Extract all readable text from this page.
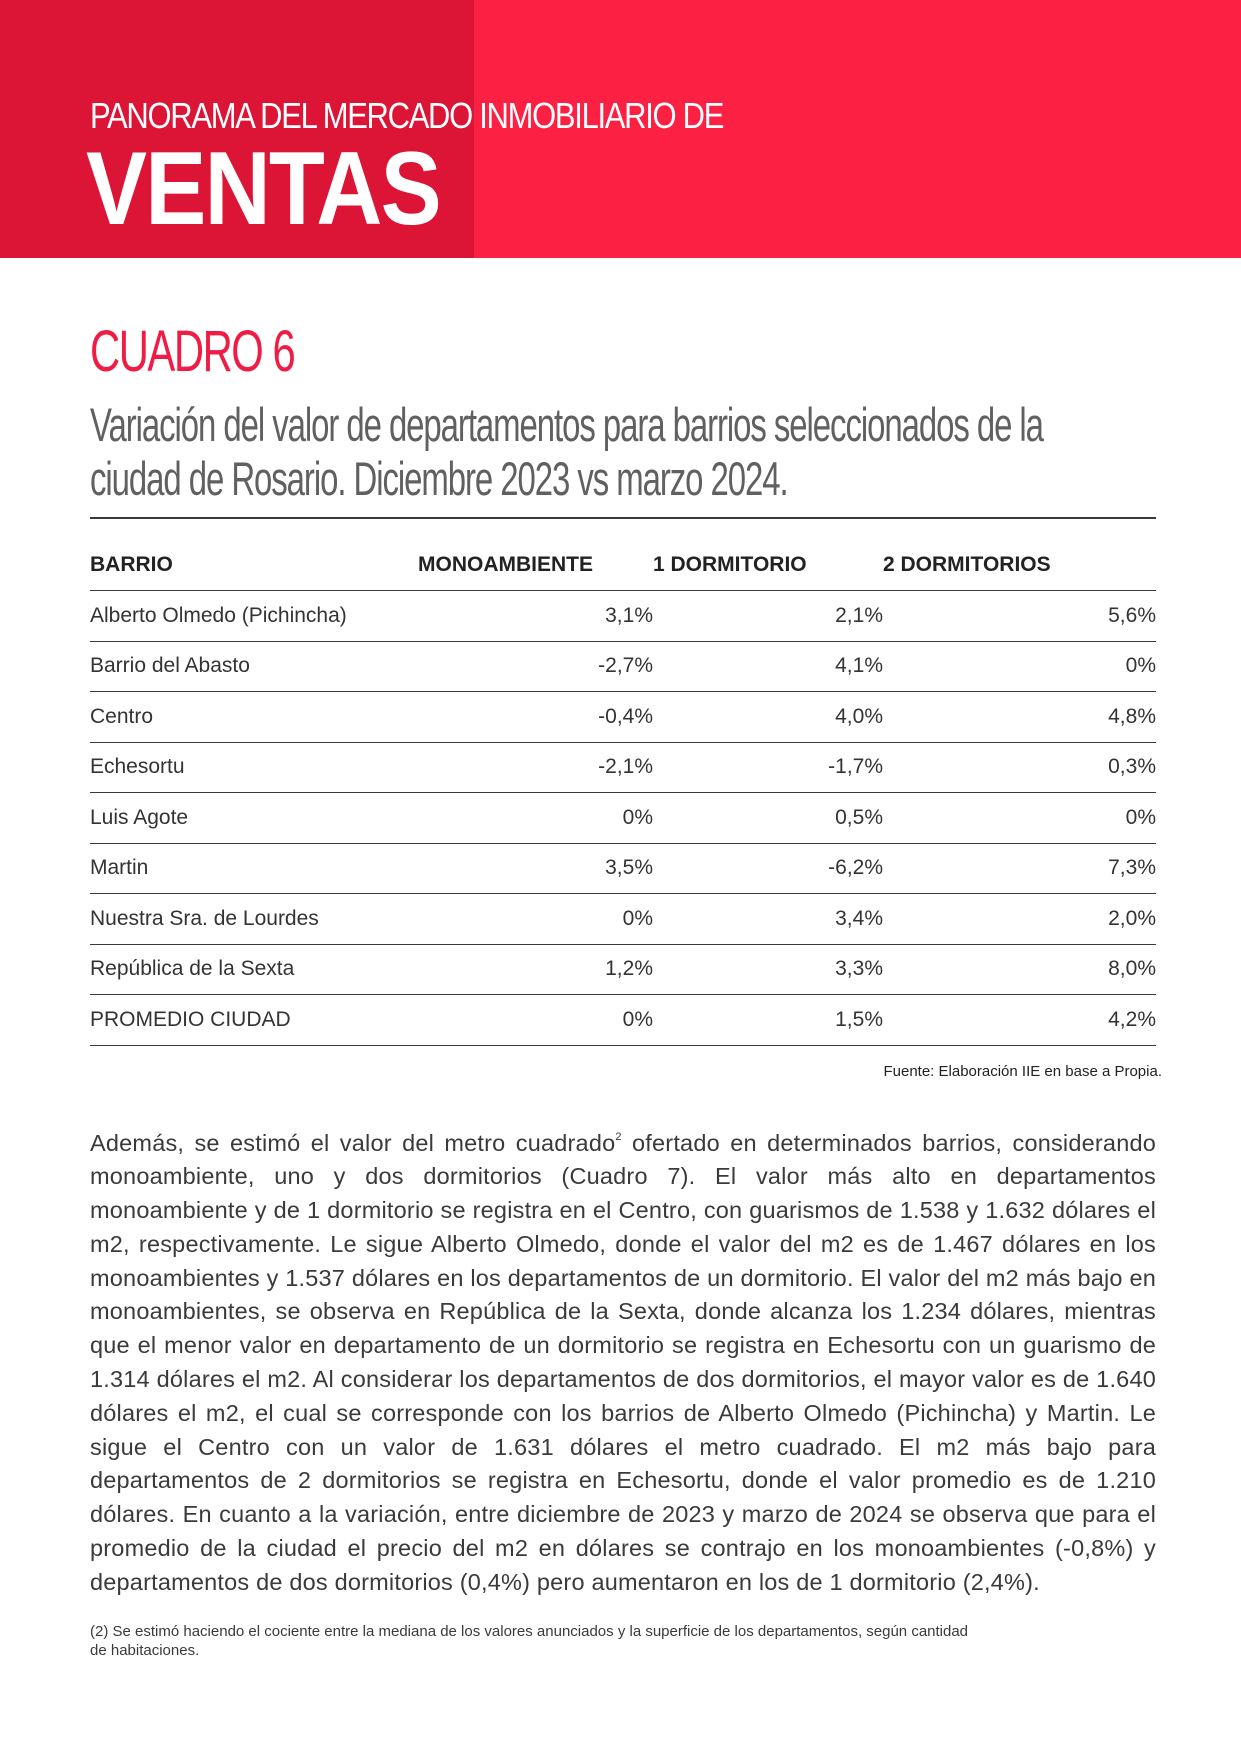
PANORAMA DEL MERCADO INMOBILIARIO DE
VENTAS
CUADRO 6
Variación del valor de departamentos para barrios seleccionados de la ciudad de Rosario. Diciembre 2023 vs marzo 2024.
BARRIO	MONOAMBIENTE	1 DORMITORIO	2 DORMITORIOS
Alberto Olmedo (Pichincha)	3,1%	2,1%	5,6%
Barrio del Abasto	-2,7%	4,1%	0%
Centro	-0,4%	4,0%	4,8%
Echesortu	-2,1%	-1,7%	0,3%
Luis Agote	0%	0,5%	0%
Martin	3,5%	-6,2%	7,3%
Nuestra Sra. de Lourdes	0%	3,4%	2,0%
República de la Sexta	1,2%	3,3%	8,0%
PROMEDIO CIUDAD	0%	1,5%	4,2%
Fuente: Elaboración IIE en base a Propia.

Además, se estimó el valor del metro cuadrado$^2$ ofertado en determinados barrios, considerando monoambiente, uno y dos dormitorios (Cuadro 7). El valor más alto en departamentos monoambiente y de 1 dormitorio se registra en el Centro, con guarismos de 1.538 y 1.632 dólares el m2, respectivamente. Le sigue Alberto Olmedo, donde el valor del m2 es de 1.467 dólares en los monoambientes y 1.537 dólares en los departamentos de un dormitorio. El valor del m2 más bajo en monoambientes, se observa en República de la Sexta, donde alcanza los 1.234 dólares, mientras que el menor valor en departamento de un dormitorio se registra en Echesortu con un guarismo de 1.314 dólares el m2. Al considerar los departamentos de dos dormitorios, el mayor valor es de 1.640 dólares el m2, el cual se corresponde con los barrios de Alberto Olmedo (Pichincha) y Martin. Le sigue el Centro con un valor de 1.631 dólares el metro cuadrado. El m2 más bajo para departamentos de 2 dormitorios se registra en Echesortu, donde el valor promedio es de 1.210 dólares. En cuanto a la variación, entre diciembre de 2023 y marzo de 2024 se observa que para el promedio de la ciudad el precio del m2 en dólares se contrajo en los monoambientes (-0,8%) y departamentos de dos dormitorios (0,4%) pero aumentaron en los de 1 dormitorio (2,4%).

(2) Se estimó haciendo el cociente entre la mediana de los valores anunciados y la superficie de los departamentos, según cantidad
de habitaciones.
